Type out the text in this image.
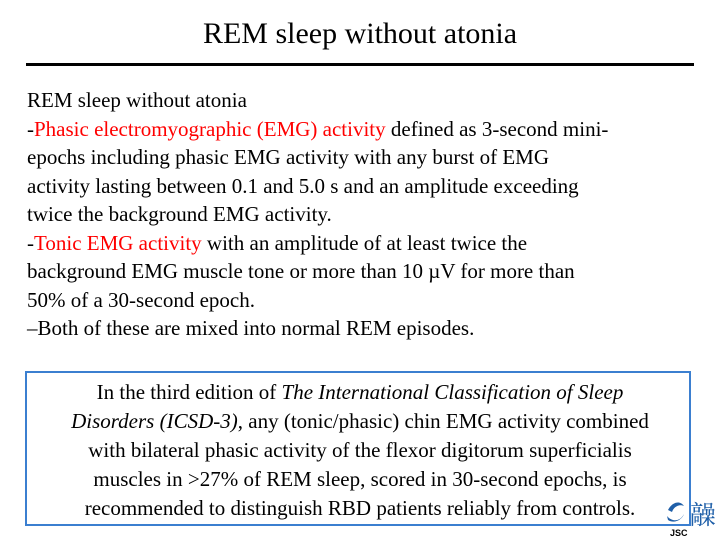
REM sleep without atonia
REM sleep without atonia
-Phasic electromyographic (EMG) activity defined as 3-second mini-
epochs including phasic EMG activity with any burst of EMG
activity lasting between 0.1 and 5.0 s and an amplitude exceeding
twice the background EMG activity.
-Tonic EMG activity with an amplitude of at least twice the
background EMG muscle tone or more than 10 µV for more than
50% of a 30-second epoch.
–Both of these are mixed into normal REM episodes.
In the third edition of The International Classification of Sleep
Disorders (ICSD-3), any (tonic/phasic) chin EMG activity combined
with bilateral phasic activity of the flexor digitorum superficialis
muscles in >27% of REM sleep, scored in 30-second epochs, is
recommended to distinguish RBD patients reliably from controls.	髞
JSC
